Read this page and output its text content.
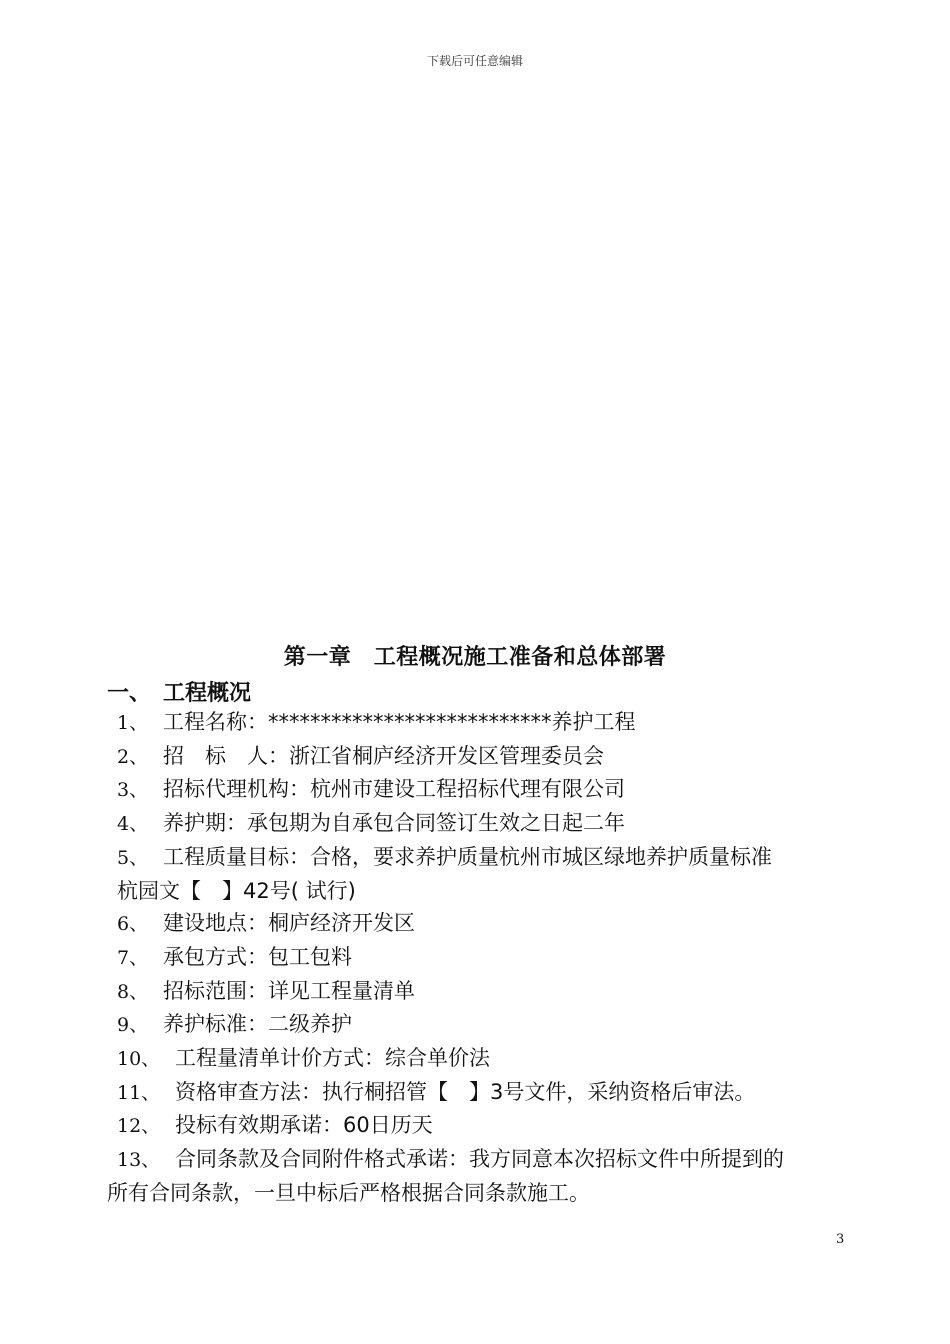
下载后可任意编辑
第一章　工程概况施工准备和总体部署
一、 工程概况
1、 工程名称：***************************养护工程
2、 招　标　人：浙江省桐庐经济开发区管理委员会
3、 招标代理机构：杭州市建设工程招标代理有限公司
4、 养护期：承包期为自承包合同签订生效之日起二年
5、 工程质量目标：合格，要求养护质量杭州市城区绿地养护质量标准
杭园文【　】42号( 试行)
6、 建设地点：桐庐经济开发区
7、 承包方式：包工包料
8、 招标范围：详见工程量清单
9、 养护标准：二级养护
10、 工程量清单计价方式：综合单价法
11、 资格审查方法：执行桐招管【　】3号文件，采纳资格后审法。
12、 投标有效期承诺：60日历天
13、 合同条款及合同附件格式承诺：我方同意本次招标文件中所提到的
所有合同条款，一旦中标后严格根据合同条款施工。
3
